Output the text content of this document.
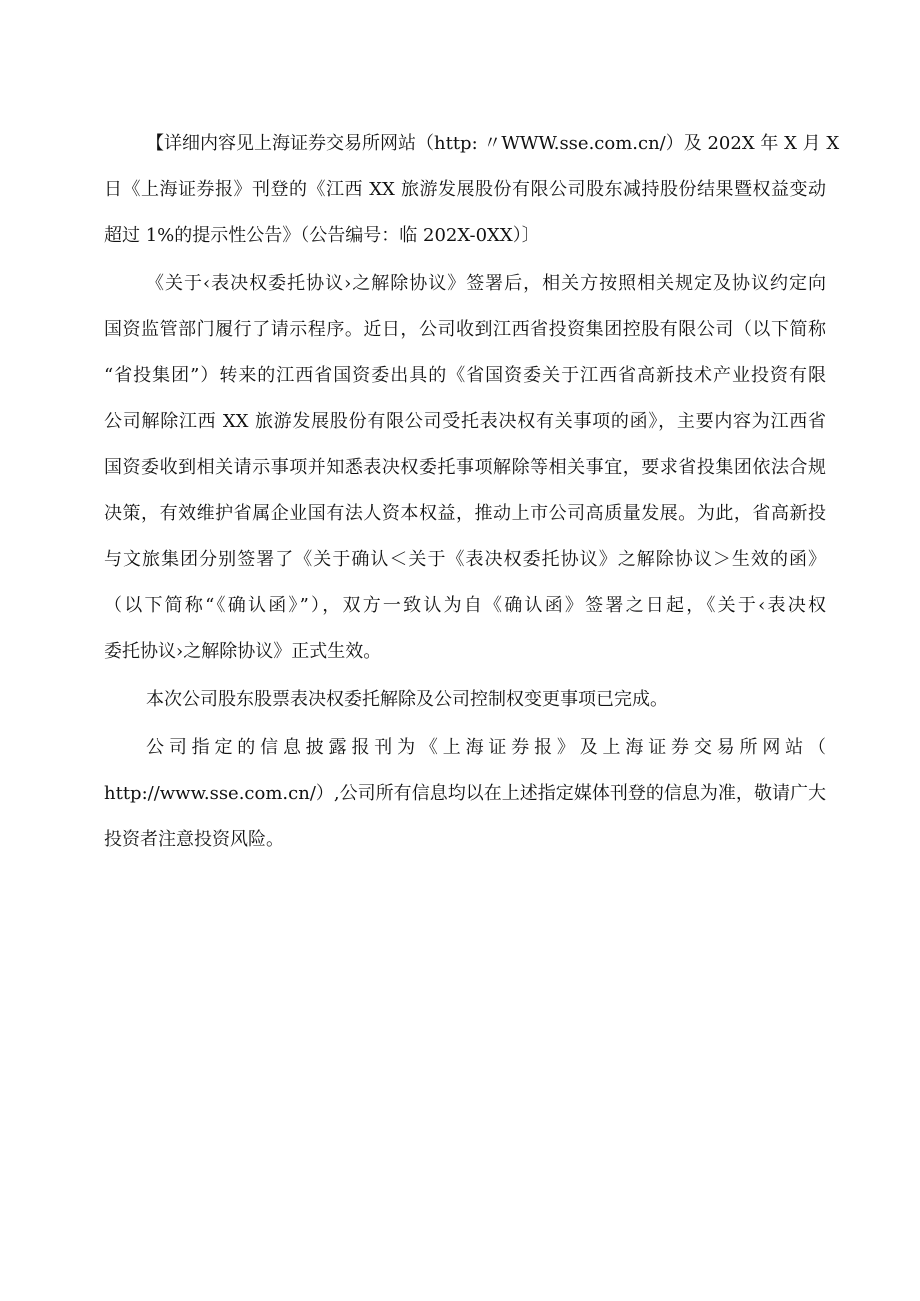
【详细内容见上海证券交易所网站（http: 〃WWW.sse.com.cn/）及 202X 年 X 月 X
日《上海证券报》刊登的《江西 XX 旅游发展股份有限公司股东减持股份结果暨权益变动
超过 1%的提示性公告》（公告编号：临 202X-0XX）〕
《关于‹表决权委托协议›之解除协议》签署后，相关方按照相关规定及协议约定向
国资监管部门履行了请示程序。近日，公司收到江西省投资集团控股有限公司（以下简称
“省投集团”）转来的江西省国资委出具的《省国资委关于江西省高新技术产业投资有限
公司解除江西 XX 旅游发展股份有限公司受托表决权有关事项的函》，主要内容为江西省
国资委收到相关请示事项并知悉表决权委托事项解除等相关事宜，要求省投集团依法合规
决策，有效维护省属企业国有法人资本权益，推动上市公司高质量发展。为此，省高新投
与文旅集团分别签署了《关于确认＜关于《表决权委托协议》之解除协议＞生效的函》
（以下简称“《确认函》”），双方一致认为自《确认函》签署之日起，《关于‹表决权
委托协议›之解除协议》正式生效。
本次公司股东股票表决权委托解除及公司控制权变更事项已完成。
公司指定的信息披露报刊为《上海证券报》及上海证券交易所网站（
http://www.sse.com.cn/）,公司所有信息均以在上述指定媒体刊登的信息为准，敬请广大
投资者注意投资风险。
